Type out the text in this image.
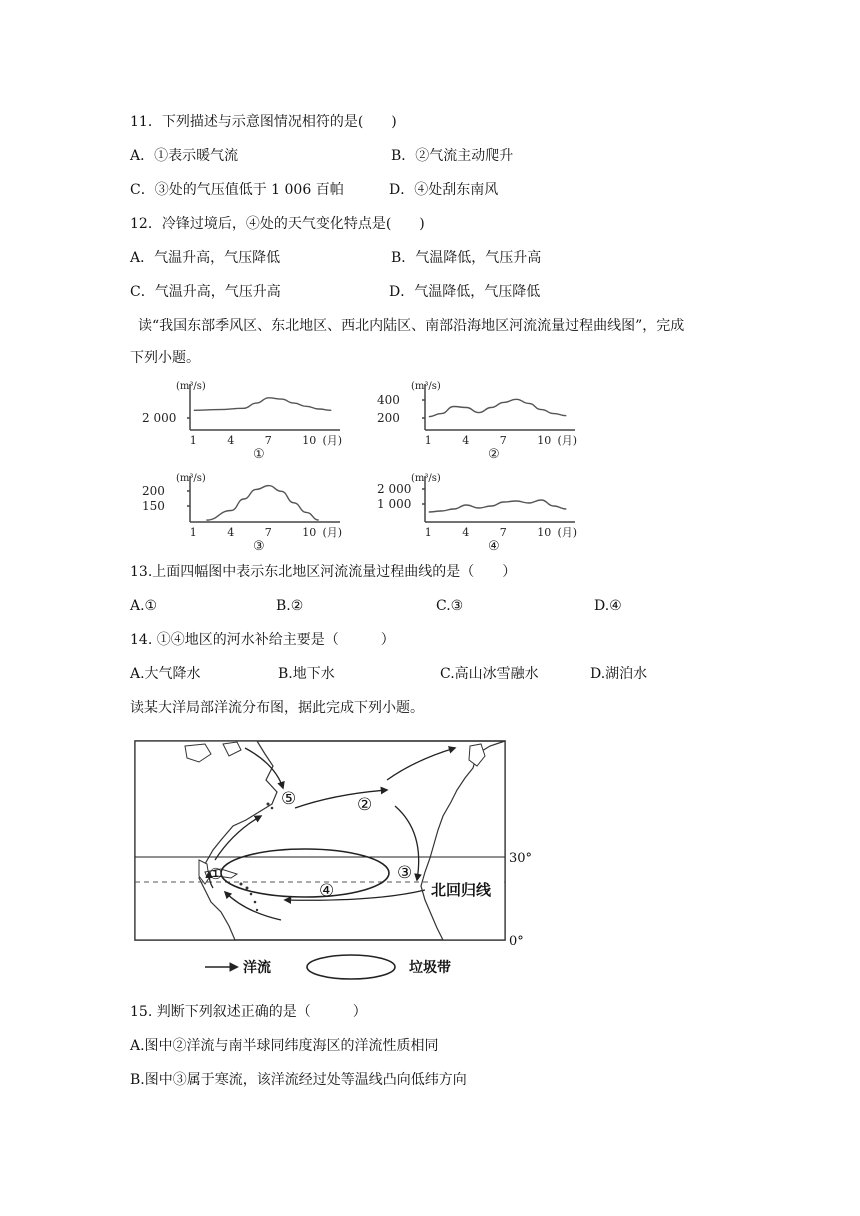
11．下列描述与示意图情况相符的是(　　)
A．①表示暖气流	B．②气流主动爬升
C．③处的气压值低于 1 006 百帕	D．④处刮东南风
12．冷锋过境后，④处的天气变化特点是(　　)
A．气温升高，气压降低	B．气温降低，气压升高
C．气温升高，气压升高	D．气温降低，气压降低
读“我国东部季风区、东北地区、西北内陆区、南部沿海地区河流流量过程曲线图”，完成
下列小题。
(m³/s)
2 000
1	4	7	10 (月)
①
(m³/s)
400
200
1	4	7	10 (月)
②
(m³/s)
200
150
1	4	7	10 (月)
③
(m³/s)
2 000
1 000
1	4	7	10 (月)
④
13.上面四幅图中表示东北地区河流流量过程曲线的是（　　）
A.①	B.②	C.③	D.④
14. ①④地区的河水补给主要是（　　　）
A.大气降水	B.地下水	C.高山冰雪融水	D.湖泊水
读某大洋局部洋流分布图，据此完成下列小题。
⑤	②
③
④
①
北回归线
30°
0°
洋流	垃圾带
15. 判断下列叙述正确的是（　　　）
A.图中②洋流与南半球同纬度海区的洋流性质相同
B.图中③属于寒流，该洋流经过处等温线凸向低纬方向
